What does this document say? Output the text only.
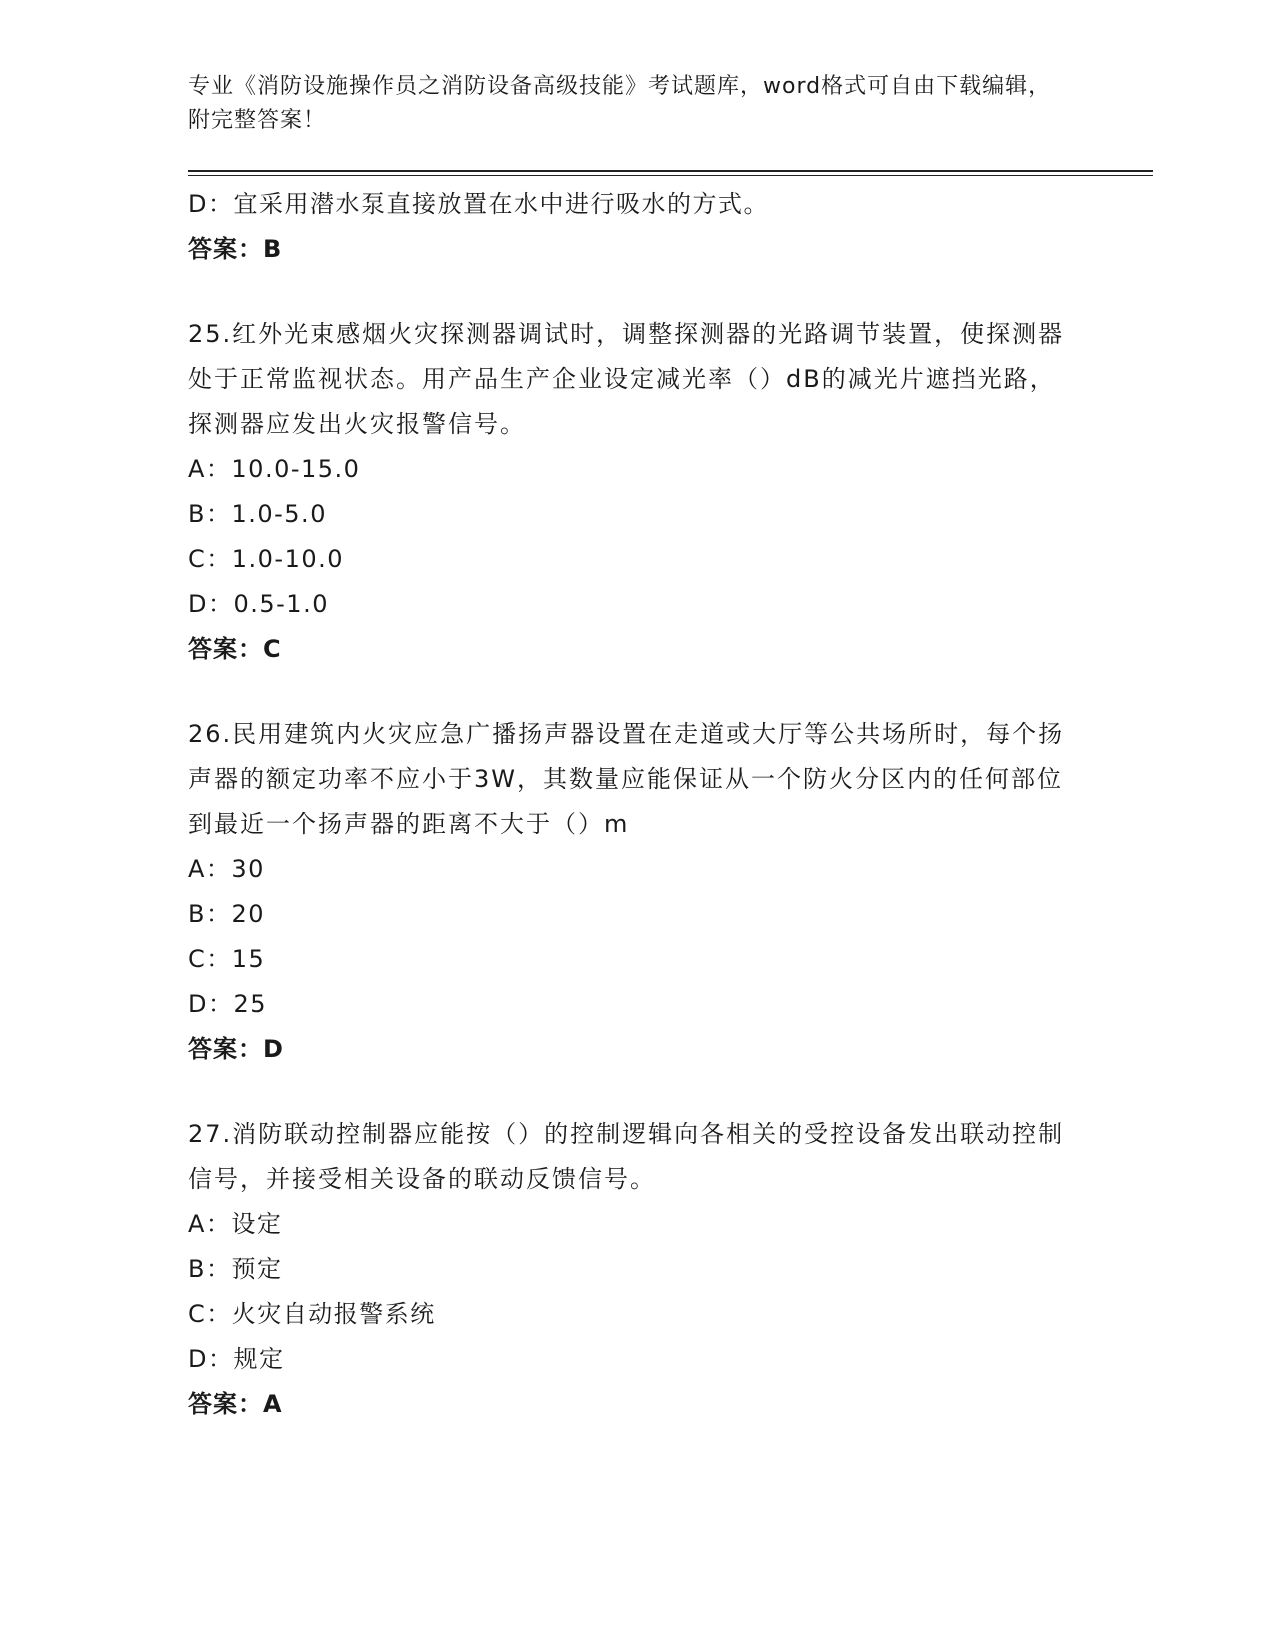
专业《消防设施操作员之消防设备高级技能》考试题库，word格式可自由下载编辑，附完整答案！
D：宜采用潜水泵直接放置在水中进行吸水的方式。
答案：B
25.红外光束感烟火灾探测器调试时，调整探测器的光路调节装置，使探测器处于正常监视状态。用产品生产企业设定减光率（）dB的减光片遮挡光路，探测器应发出火灾报警信号。
A：10.0-15.0
B：1.0-5.0
C：1.0-10.0
D：0.5-1.0
答案：C
26.民用建筑内火灾应急广播扬声器设置在走道或大厅等公共场所时，每个扬声器的额定功率不应小于3W，其数量应能保证从一个防火分区内的任何部位到最近一个扬声器的距离不大于（）m
A：30
B：20
C：15
D：25
答案：D
27.消防联动控制器应能按（）的控制逻辑向各相关的受控设备发出联动控制信号，并接受相关设备的联动反馈信号。
A：设定
B：预定
C：火灾自动报警系统
D：规定
答案：A
